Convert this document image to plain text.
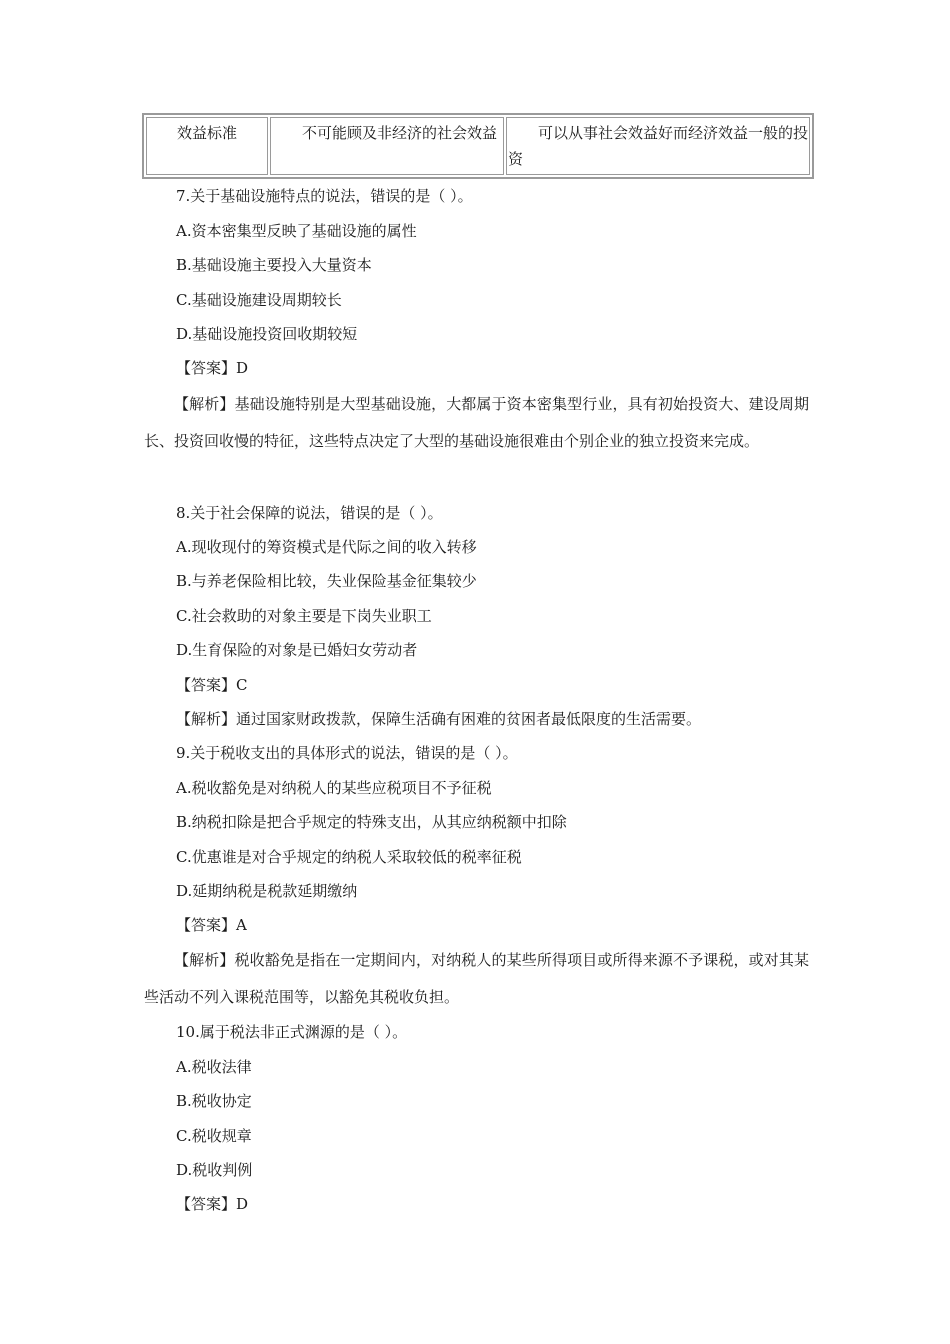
效益标准	不可能顾及非经济的社会效益	可以从事社会效益好而经济效益一般的投资
7.关于基础设施特点的说法，错误的是（ ）。
A.资本密集型反映了基础设施的属性
B.基础设施主要投入大量资本
C.基础设施建设周期较长
D.基础设施投资回收期较短
【答案】D
【解析】基础设施特别是大型基础设施，大都属于资本密集型行业，具有初始投资大、建设周期长、投资回收慢的特征，这些特点决定了大型的基础设施很难由个别企业的独立投资来完成。
8.关于社会保障的说法，错误的是（ ）。
A.现收现付的筹资模式是代际之间的收入转移
B.与养老保险相比较，失业保险基金征集较少
C.社会救助的对象主要是下岗失业职工
D.生育保险的对象是已婚妇女劳动者
【答案】C
【解析】通过国家财政拨款，保障生活确有困难的贫困者最低限度的生活需要。
9.关于税收支出的具体形式的说法，错误的是（ ）。
A.税收豁免是对纳税人的某些应税项目不予征税
B.纳税扣除是把合乎规定的特殊支出，从其应纳税额中扣除
C.优惠谁是对合乎规定的纳税人采取较低的税率征税
D.延期纳税是税款延期缴纳
【答案】A
【解析】税收豁免是指在一定期间内，对纳税人的某些所得项目或所得来源不予课税，或对其某些活动不列入课税范围等，以豁免其税收负担。
10.属于税法非正式渊源的是（ ）。
A.税收法律
B.税收协定
C.税收规章
D.税收判例
【答案】D
